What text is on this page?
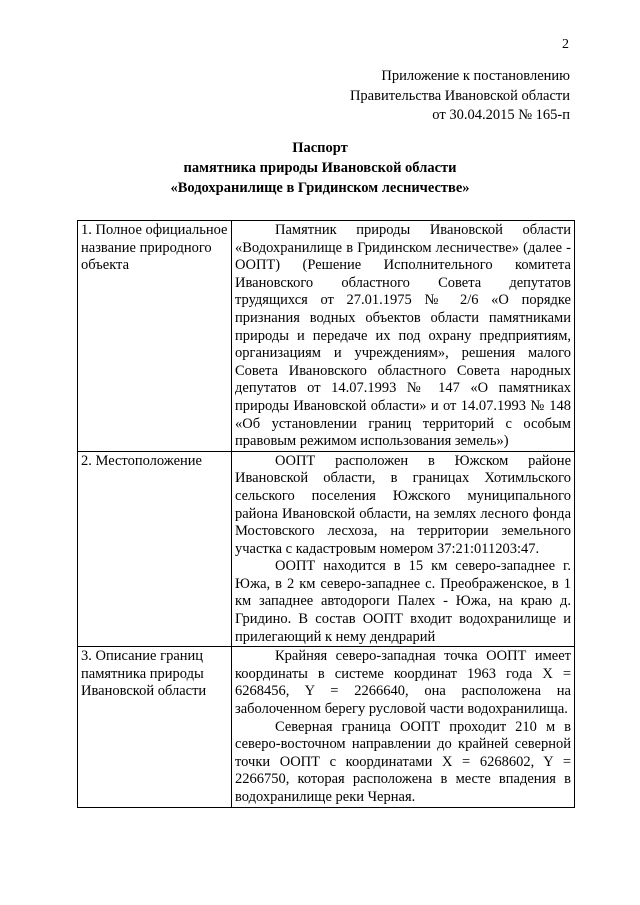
2
Приложение к постановлению
Правительства Ивановской области
от 30.04.2015 № 165-п
Паспорт
памятника природы Ивановской области
«Водохранилище в Гридинском лесничестве»
1. Полное официальное название природного объекта	Памятник природы Ивановской области «Водохранилище в Гридинском лесничестве» (далее - ООПТ) (Решение Исполнительного комитета Ивановского областного Совета депутатов трудящихся от 27.01.1975 № 2/6 «О порядке признания водных объектов области памятниками природы и передаче их под охрану предприятиям, организациям и учреждениям», решения малого Совета Ивановского областного Совета народных депутатов от 14.07.1993 № 147 «О памятниках природы Ивановской области» и от 14.07.1993 № 148 «Об установлении границ территорий с особым правовым режимом использования земель»)

2. Местоположение	ООПТ расположен в Южском районе Ивановской области, в границах Хотимльского сельского поселения Южского муниципального района Ивановской области, на землях лесного фонда Мостовского лесхоза, на территории земельного участка с кадастровым номером 37:21:011203:47.

ООПТ находится в 15 км северо-западнее г. Южа, в 2 км северо-западнее с. Преображенское, в 1 км западнее автодороги Палех - Южа, на краю д. Гридино. В состав ООПТ входит водохранилище и прилегающий к нему дендрарий

3. Описание границ памятника природы Ивановской области	Крайняя северо-западная точка ООПТ имеет координаты в системе координат 1963 года X = 6268456, Y = 2266640, она расположена на заболоченном берегу русловой части водохранилища.

Северная граница ООПТ проходит 210 м в северо-восточном направлении до крайней северной точки ООПТ с координатами X = 6268602, Y = 2266750, которая расположена в месте впадения в водохранилище реки Черная.
